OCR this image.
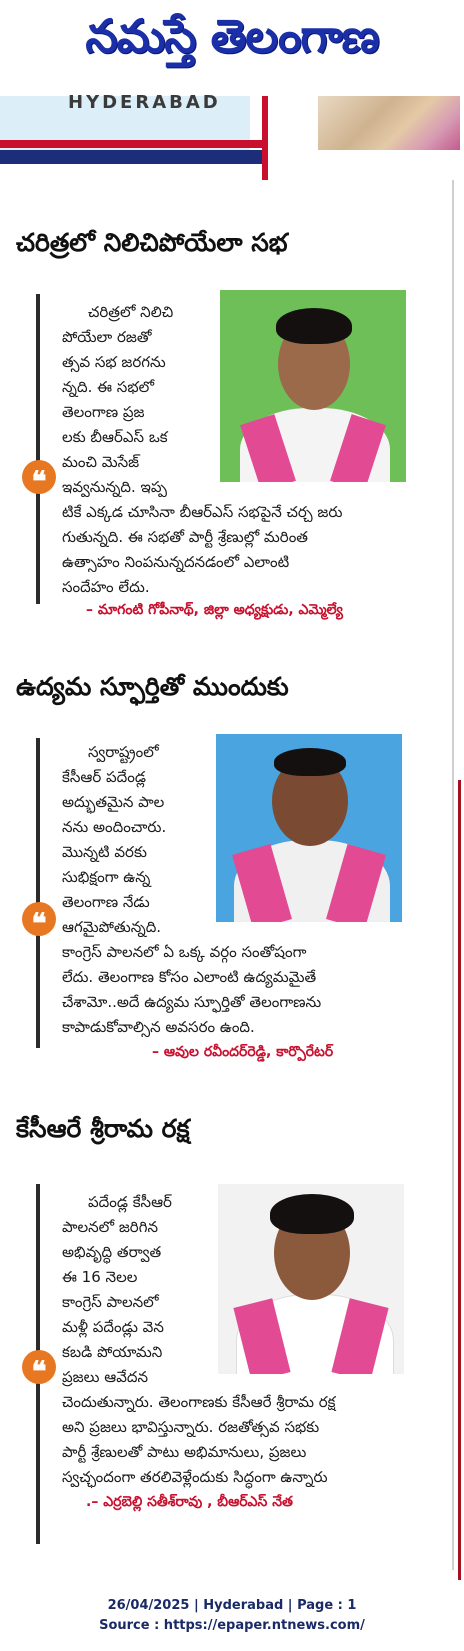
నమస్తే తెలంగాణ
HYDERABAD
చరిత్రలో నిలిచిపోయేలా సభ
❝
చరిత్రలో నిలిచి
పోయేలా రజతో
త్సవ సభ జరగను
న్నది. ఈ సభలో
తెలంగాణ ప్రజ
లకు బీఆర్ఎస్ ఒక
మంచి మెసేజ్
ఇవ్వనున్నది. ఇప్ప
టికే ఎక్కడ చూసినా బీఆర్ఎస్ సభపైనే చర్చ జరు
గుతున్నది. ఈ సభతో పార్టీ శ్రేణుల్లో మరింత
ఉత్సాహం నింపనున్నదనడంలో ఎలాంటి
సందేహం లేదు.
– మాగంటి గోపీనాథ్, జిల్లా అధ్యక్షుడు, ఎమ్మెల్యే
ఉద్యమ స్ఫూర్తితో ముందుకు
❝
స్వరాష్ట్రంలో
కేసీఆర్ పదేండ్ల
అద్భుతమైన పాల
నను అందించారు.
మొన్నటి వరకు
సుభిక్షంగా ఉన్న
తెలంగాణ నేడు
ఆగమైపోతున్నది.
కాంగ్రెస్ పాలనలో ఏ ఒక్క వర్గం సంతోషంగా
లేదు. తెలంగాణ కోసం ఎలాంటి ఉద్యమమైతే
చేశామో..అదే ఉద్యమ స్ఫూర్తితో తెలంగాణను
కాపాడుకోవాల్సిన అవసరం ఉంది.
– ఆవుల రవీందర్‌రెడ్డి, కార్పొరేటర్
కేసీఆరే శ్రీరామ రక్ష
❝
పదేండ్ల కేసీఆర్
పాలనలో జరిగిన
అభివృద్ధి తర్వాత
ఈ 16 నెలల
కాంగ్రెస్ పాలనలో
మళ్లీ పదేండ్లు వెన
కబడి పోయామని
ప్రజలు ఆవేదన
చెందుతున్నారు. తెలంగాణకు కేసీఆరే శ్రీరామ రక్ష
అని ప్రజలు భావిస్తున్నారు. రజతోత్సవ సభకు
పార్టీ శ్రేణులతో పాటు అభిమానులు, ప్రజలు
స్వచ్ఛందంగా తరలివెళ్లేందుకు సిద్ధంగా ఉన్నారు
.– ఎర్రబెల్లి సతీశ్‌రావు , బీఆర్ఎస్ నేత
26/04/2025 | Hyderabad | Page : 1
Source : https://epaper.ntnews.com/
